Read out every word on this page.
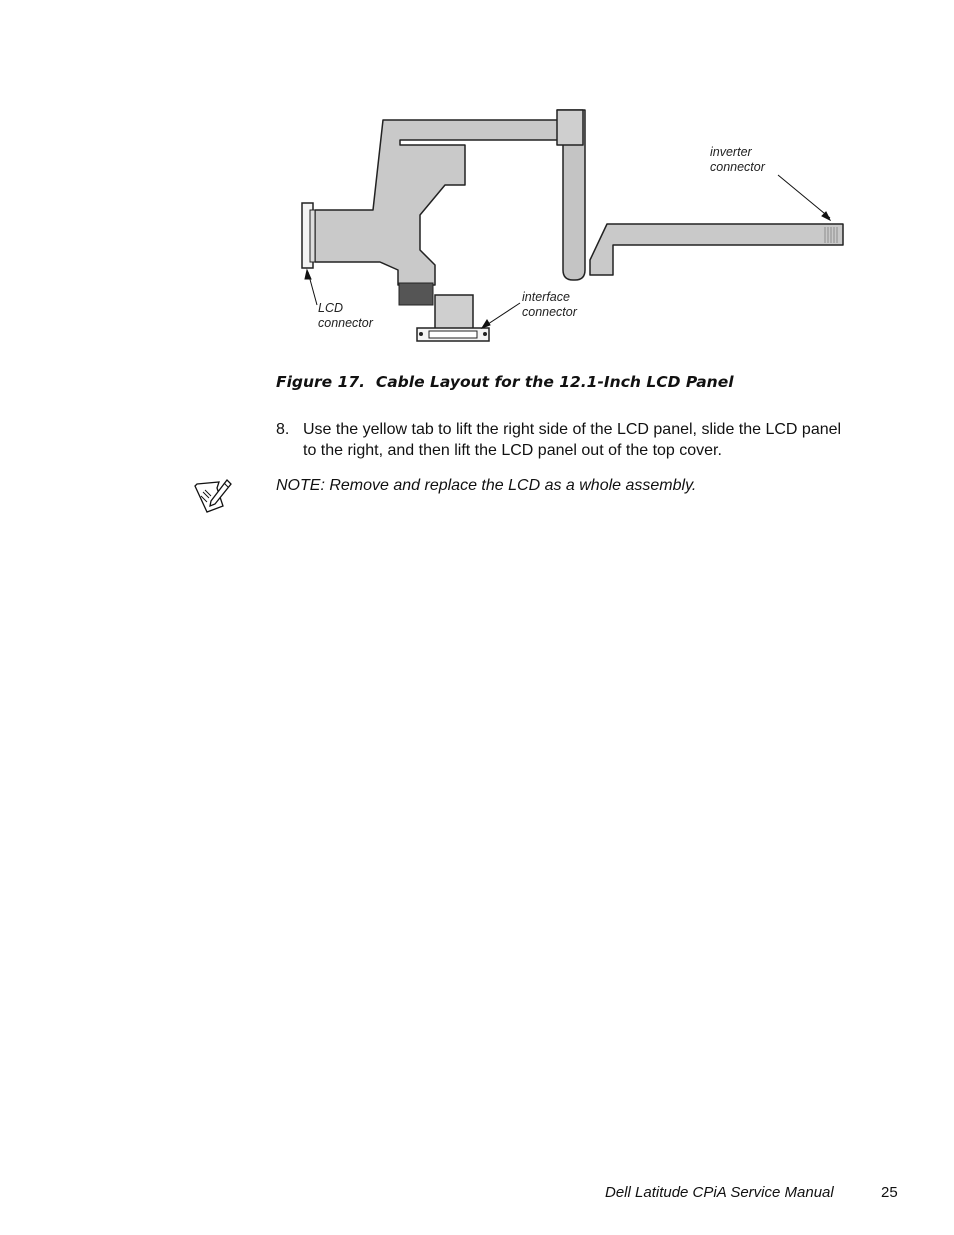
inverter
connector
LCD
connector
interface
connector
Figure 17.  Cable Layout for the 12.1-Inch LCD Panel
8. Use the yellow tab to lift the right side of the LCD panel, slide the LCD panel to the right, and then lift the LCD panel out of the top cover.
NOTE: Remove and replace the LCD as a whole assembly.
Dell Latitude CPiA Service Manual	25
